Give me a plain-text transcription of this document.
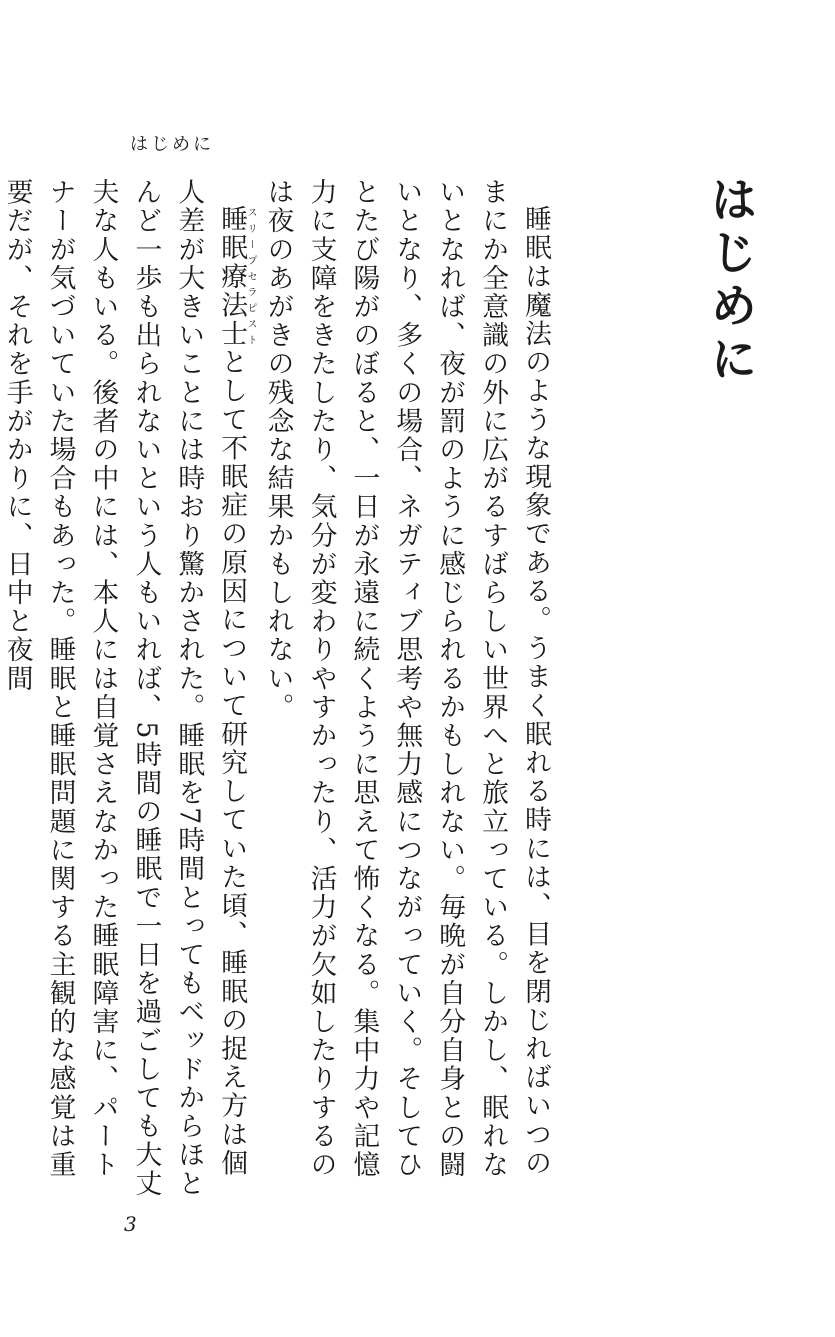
はじめに
はじめに

睡眠は魔法のような現象である。うまく眠れる時には、目を閉じればいつのまにか全意識の外に広がるすばらしい世界へと旅立っている。しかし、眠れないとなれば、夜が罰のように感じられるかもしれない。毎晩が自分自身との闘いとなり、多くの場合、ネガティブ思考や無力感につながっていく。そしてひとたび陽がのぼると、一日が永遠に続くように思えて怖くなる。集中力や記憶力に支障をきたしたり、気分が変わりやすかったり、活力が欠如したりするのは夜のあがきの残念な結果かもしれない。

睡眠療法士スリープセラピストとして不眠症の原因について研究していた頃、睡眠の捉え方は個人差が大きいことには時おり驚かされた。睡眠を7時間とってもベッドからほとんど一歩も出られないという人もいれば、5時間の睡眠で一日を過ごしても大丈夫な人もいる。後者の中には、本人には自覚さえなかった睡眠障害に、パートナーが気づいていた場合もあった。睡眠と睡眠問題に関する主観的な感覚は重要だが、それを手がかりに、日中と夜間

3
